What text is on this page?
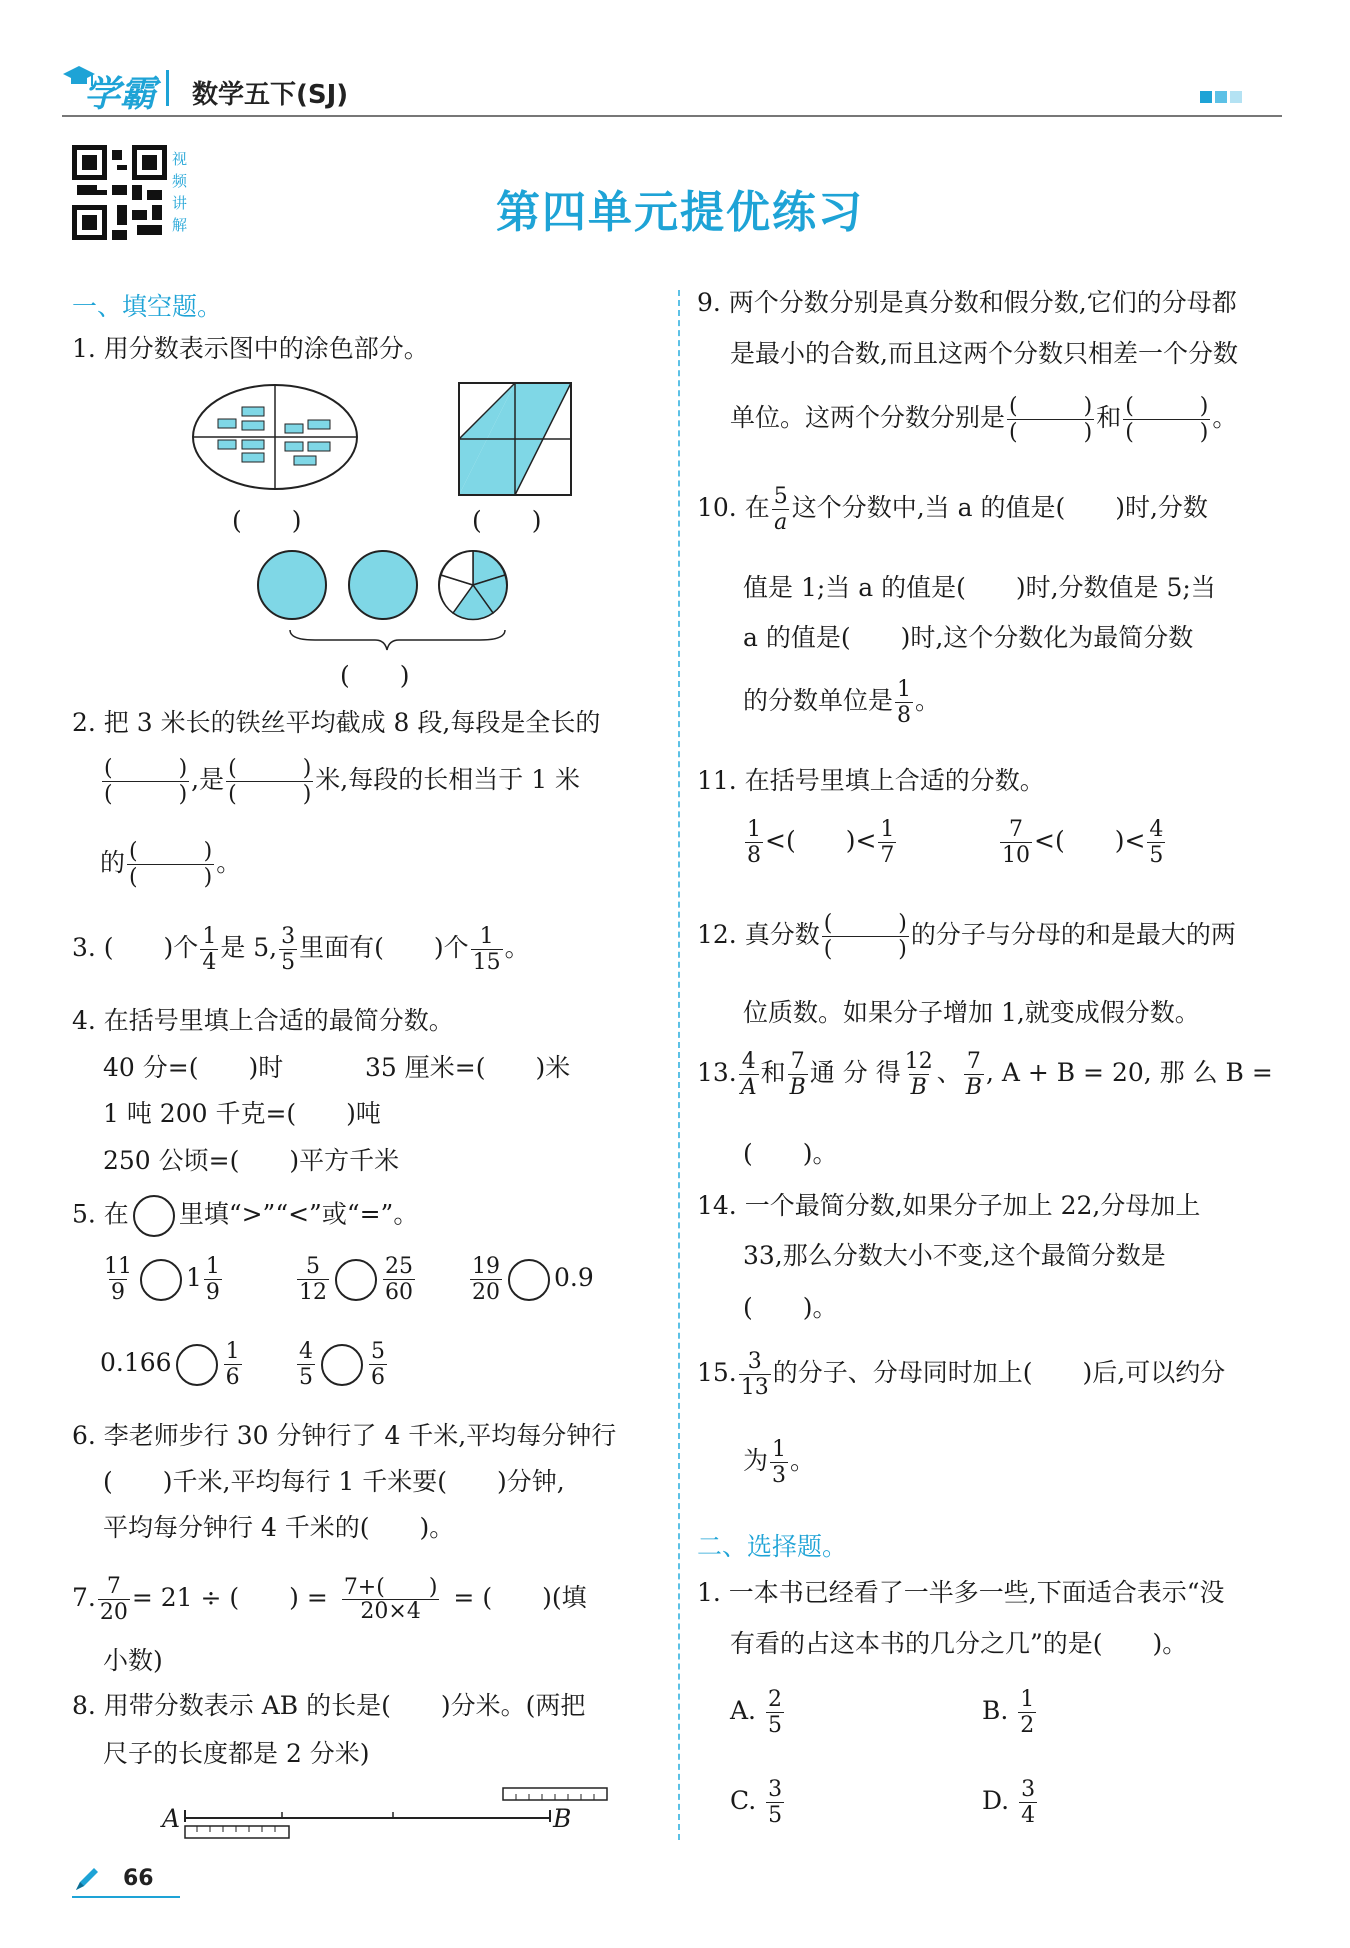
学霸 数学五下(SJ)
视频讲解	第四单元提优练习
一、填空题。
1. 用分数表示图中的涂色部分。
(　　)	(　　)
(　　)
2. 把 3 米长的铁丝平均截成 8 段,每段是全长的
(　　　)
(　　　)
,是 (　　　)
(　　　)
米,每段的长相当于 1 米
的 (　　　)
(　　　)
。
3. (　　)个 $\frac{1}{4}$ 是 5, $\frac{3}{5}$ 里面有(　　)个 $\frac{1}{15}$ 。
4. 在括号里填上合适的最简分数。
40 分=(　　)时	35 厘米=(　　)米
1 吨 200 千克=(　　)吨
250 公顷=(　　)平方千米
5. 在 里填“>”“<”或“=”。
$\frac{11}{9} 1 \frac{1}{9}$	$\frac{5}{12} \frac{25}{60}$	$\frac{19}{20} 0.9$
$0.166 \frac{1}{6}$	$\frac{4}{5} \frac{5}{6}$
6. 李老师步行 30 分钟行了 4 千米,平均每分钟行
(　　)千米,平均每行 1 千米要(　　)分钟,
平均每分钟行 4 千米的(　　)。
7. $\frac{7}{20} = 21$ ÷ (　　) = $\frac{7+( )}{20\times 4}$ = (　　)(填
小数)
8. 用带分数表示 AB 的长是(　　)分米。(两把
尺子的长度都是 2 分米)
A	B
9. 两个分数分别是真分数和假分数,它们的分母都
是最小的合数,而且这两个分数只相差一个分数
单位。这两个分数分别是 (　　　)
(　　　)
和 (　　　)
(　　　)
。
10. 在 $\frac{5}{a}$ 这个分数中,当 a 的值是(　　)时,分数
值是 1;当 a 的值是(　　)时,分数值是 5;当
a 的值是(　　)时,这个分数化为最简分数
的分数单位是 $\frac{1}{8}$ 。
11. 在括号里填上合适的分数。
$\frac{1}{8}$ <(　　)< $\frac{1}{7}$	$\frac{7}{10}$ <(　　)< $\frac{4}{5}$
12. 真分数 (　　　)
(　　　)
的分子与分母的和是最大的两
位质数。如果分子增加 1,就变成假分数。
13. $\frac{4}{A}$ 和 $\frac{7}{B}$ 通 分 得 $\frac{12}{B}$ 、 $\frac{7}{B}$ , A + B = 20, 那 么 B =
(　　)。
14. 一个最简分数,如果分子加上 22,分母加上
33,那么分数大小不变,这个最简分数是
(　　)。
15. $\frac{3}{13}$ 的分子、分母同时加上(　　)后,可以约分
为 $\frac{1}{3}$ 。
二、选择题。
1. 一本书已经看了一半多一些,下面适合表示“没
有看的占这本书的几分之几”的是(　　)。
A. $\frac{2}{5}$	B. $\frac{1}{2}$
C. $\frac{3}{5}$	D. $\frac{3}{4}$
66
